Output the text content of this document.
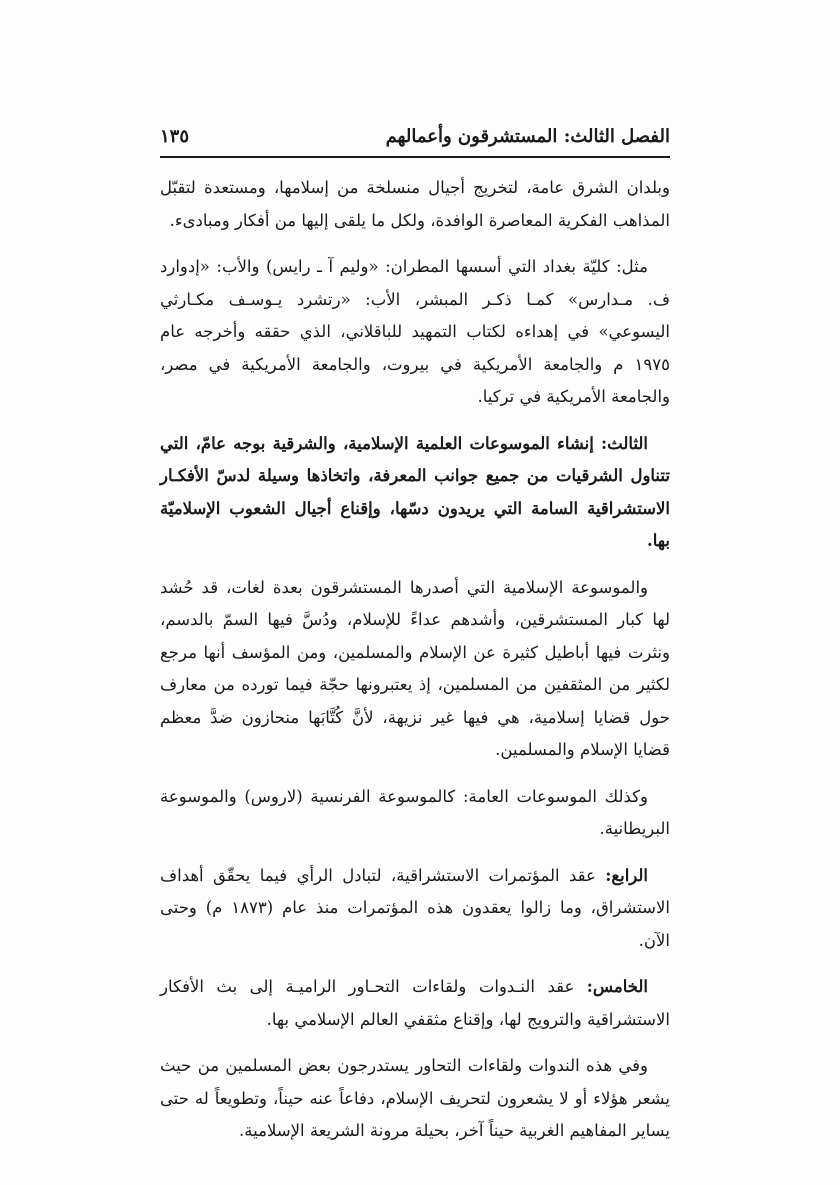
الفصل الثالث: المستشرقون وأعمالهم
١٣٥

وبلدان الشرق عامة، لتخريج أجيال منسلخة من إسلامها، ومستعدة لتقبّل المذاهب الفكرية المعاصرة الوافدة، ولكل ما يلقى إليها من أفكار ومبادىء.

مثل: كليّة بغداد التي أسسها المطران: «وليم آ ـ رايس) والأب: «إدوارد ف. مـدارس» كمـا ذكـر المبشر، الأب: «رتشرد يـوسـف مكـارثي اليسوعي» في إهداءه لكتاب التمهيد للباقلاني، الذي حققه وأخرجه عام ١٩٧٥ م والجامعة الأمريكية في بيروت، والجامعة الأمريكية في مصر، والجامعة الأمريكية في تركيا.

الثالث: إنشاء الموسوعات العلمية الإسلامية، والشرقية بوجه عامّ، التي تتناول الشرقيات من جميع جوانب المعرفة، واتخاذها وسيلة لدسّ الأفكـار الاستشراقية السامة التي يريدون دسّها، وإقناع أجيال الشعوب الإسلاميّة بها.

والموسوعة الإسلامية التي أصدرها المستشرقون بعدة لغات، قد حُشد لها كبار المستشرقين، وأشدهم عداءً للإسلام، ودُسَّ فيها السمّ بالدسم، ونثرت فيها أباطيل كثيرة عن الإسلام والمسلمين، ومن المؤسف أنها مرجع لكثير من المثقفين من المسلمين، إذ يعتبرونها حجّة فيما تورده من معارف حول قضايا إسلامية، هي فيها غير نزيهة، لأنَّ كُتَّابَها منحازون ضدَّ معظم قضايا الإسلام والمسلمين.

وكذلك الموسوعات العامة: كالموسوعة الفرنسية (لاروس) والموسوعة البريطانية.

الرابع: عقد المؤتمرات الاستشراقية، لتبادل الرأي فيما يحقّق أهداف الاستشراق، وما زالوا يعقدون هذه المؤتمرات منذ عام (١٨٧٣ م) وحتى الآن.

الخامس: عقد النـدوات ولقاءات التحـاور الراميـة إلى بث الأفكار الاستشراقية والترويج لها، وإقناع مثقفي العالم الإسلامي بها.

وفي هذه الندوات ولقاءات التحاور يستدرجون بعض المسلمين من حيث يشعر هؤلاء أو لا يشعرون لتحريف الإسلام، دفاعاً عنه حيناً، وتطويعاً له حتى يساير المفاهيم الغربية حيناً آخر، بحيلة مرونة الشريعة الإسلامية.
